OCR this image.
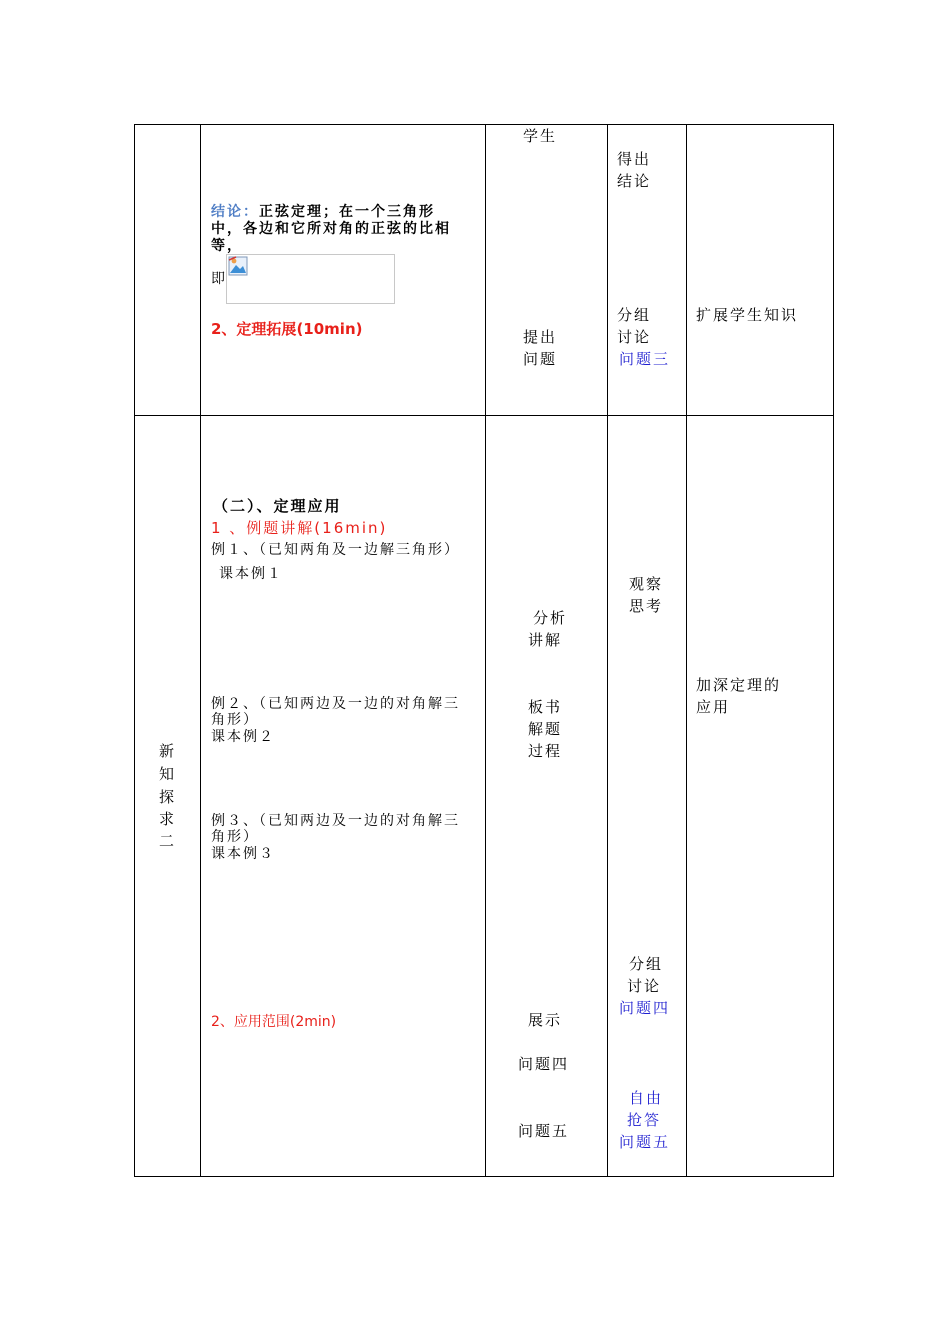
学生
结论：正弦定理；在一个三角形
中，各边和它所对角的正弦的比相
等，
即
2、定理拓展(10min)
得出
结论
提出
问题
分组
讨论
问题三
扩展学生知识
新
知
探
求
二
（二）、定理应用
1 、例题讲解(16min)
例１、（已知两角及一边解三角形）
课本例１
例２、（已知两边及一边的对角解三
角形）
课本例２
例３、（已知两边及一边的对角解三
角形）
课本例３
2、应用范围(2min)
分析
讲解
板书
解题
过程
展示
问题四
问题五
观察
思考
分组
讨论
问题四
自由
抢答
问题五
加深定理的
应用
